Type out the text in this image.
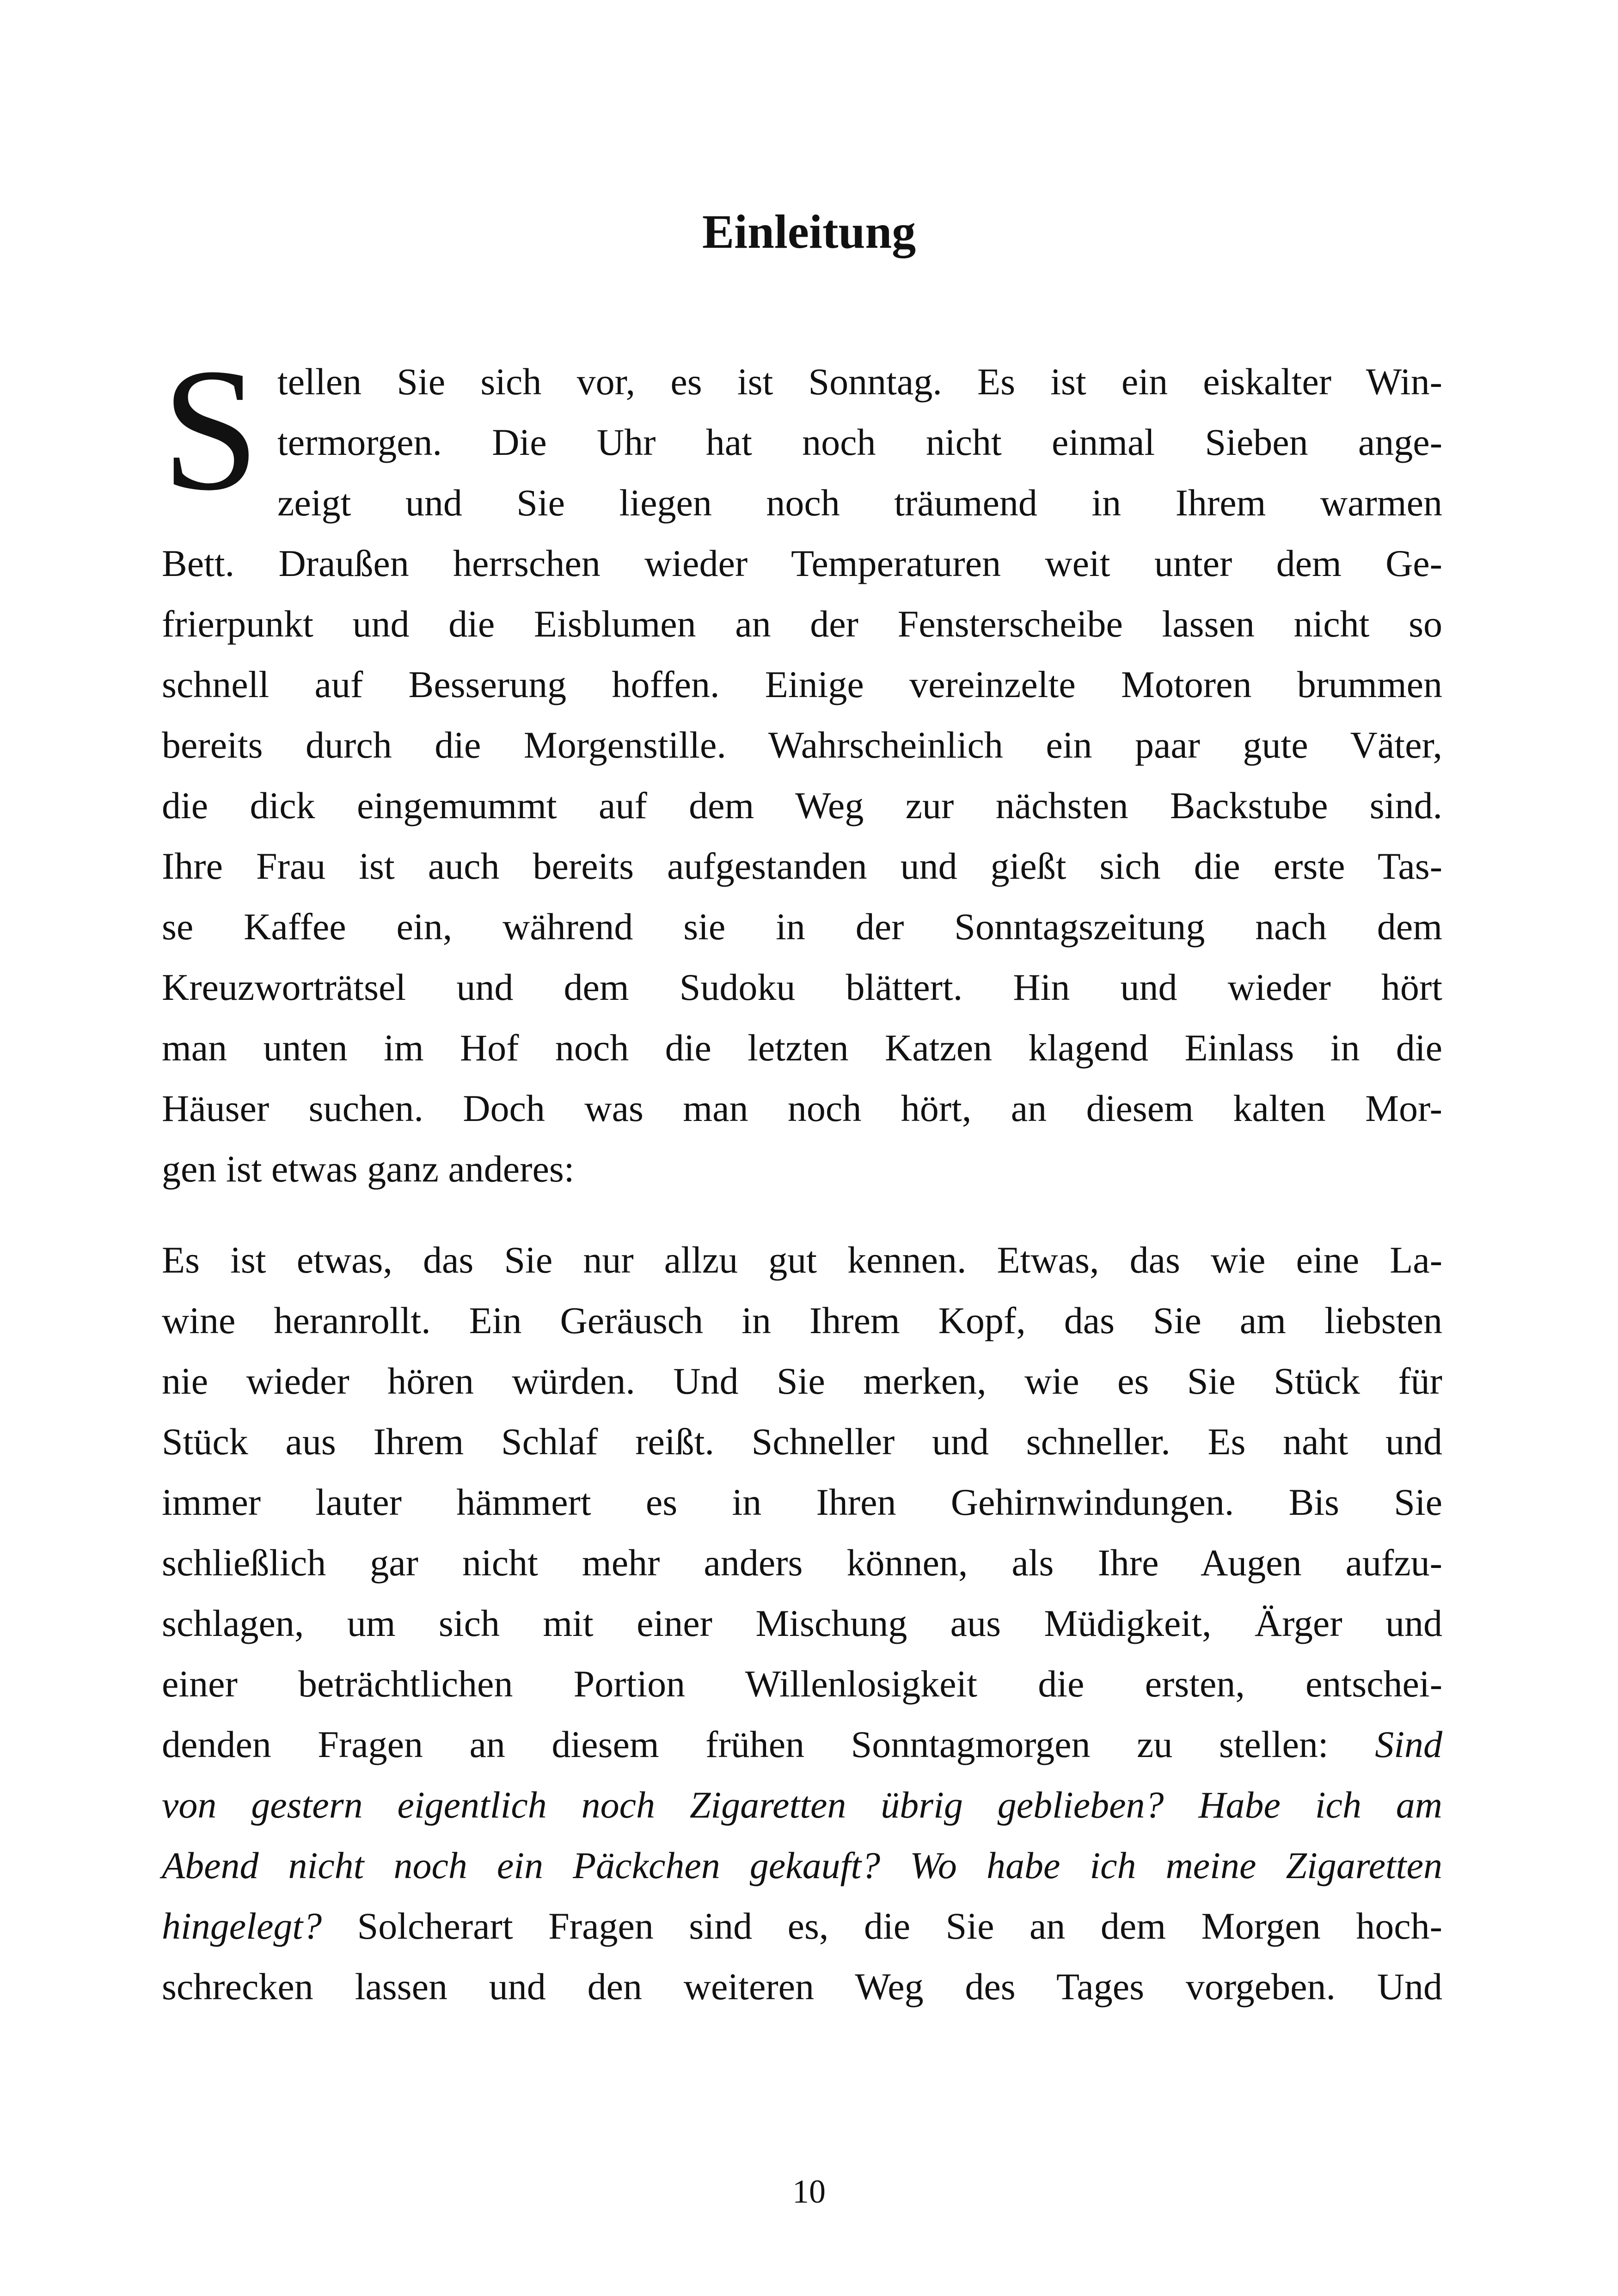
Einleitung
S tellen Sie sich vor, es ist Sonntag. Es ist ein eiskalter Win-
termorgen. Die Uhr hat noch nicht einmal Sieben ange-
zeigt und Sie liegen noch träumend in Ihrem warmen
Bett. Draußen herrschen wieder Temperaturen weit unter dem Ge-
frierpunkt und die Eisblumen an der Fensterscheibe lassen nicht so
schnell auf Besserung hoffen. Einige vereinzelte Motoren brummen
bereits durch die Morgenstille. Wahrscheinlich ein paar gute Väter,
die dick eingemummt auf dem Weg zur nächsten Backstube sind.
Ihre Frau ist auch bereits aufgestanden und gießt sich die erste Tas-
se Kaffee ein, während sie in der Sonntagszeitung nach dem
Kreuzworträtsel und dem Sudoku blättert. Hin und wieder hört
man unten im Hof noch die letzten Katzen klagend Einlass in die
Häuser suchen. Doch was man noch hört, an diesem kalten Mor-
gen ist etwas ganz anderes:
Es ist etwas, das Sie nur allzu gut kennen. Etwas, das wie eine La-
wine heranrollt. Ein Geräusch in Ihrem Kopf, das Sie am liebsten
nie wieder hören würden. Und Sie merken, wie es Sie Stück für
Stück aus Ihrem Schlaf reißt. Schneller und schneller. Es naht und
immer lauter hämmert es in Ihren Gehirnwindungen. Bis Sie
schließlich gar nicht mehr anders können, als Ihre Augen aufzu-
schlagen, um sich mit einer Mischung aus Müdigkeit, Ärger und
einer beträchtlichen Portion Willenlosigkeit die ersten, entschei-
denden Fragen an diesem frühen Sonntagmorgen zu stellen: Sind
von gestern eigentlich noch Zigaretten übrig geblieben? Habe ich am
Abend nicht noch ein Päckchen gekauft? Wo habe ich meine Zigaretten
hingelegt? Solcherart Fragen sind es, die Sie an dem Morgen hoch-
schrecken lassen und den weiteren Weg des Tages vorgeben. Und
10
